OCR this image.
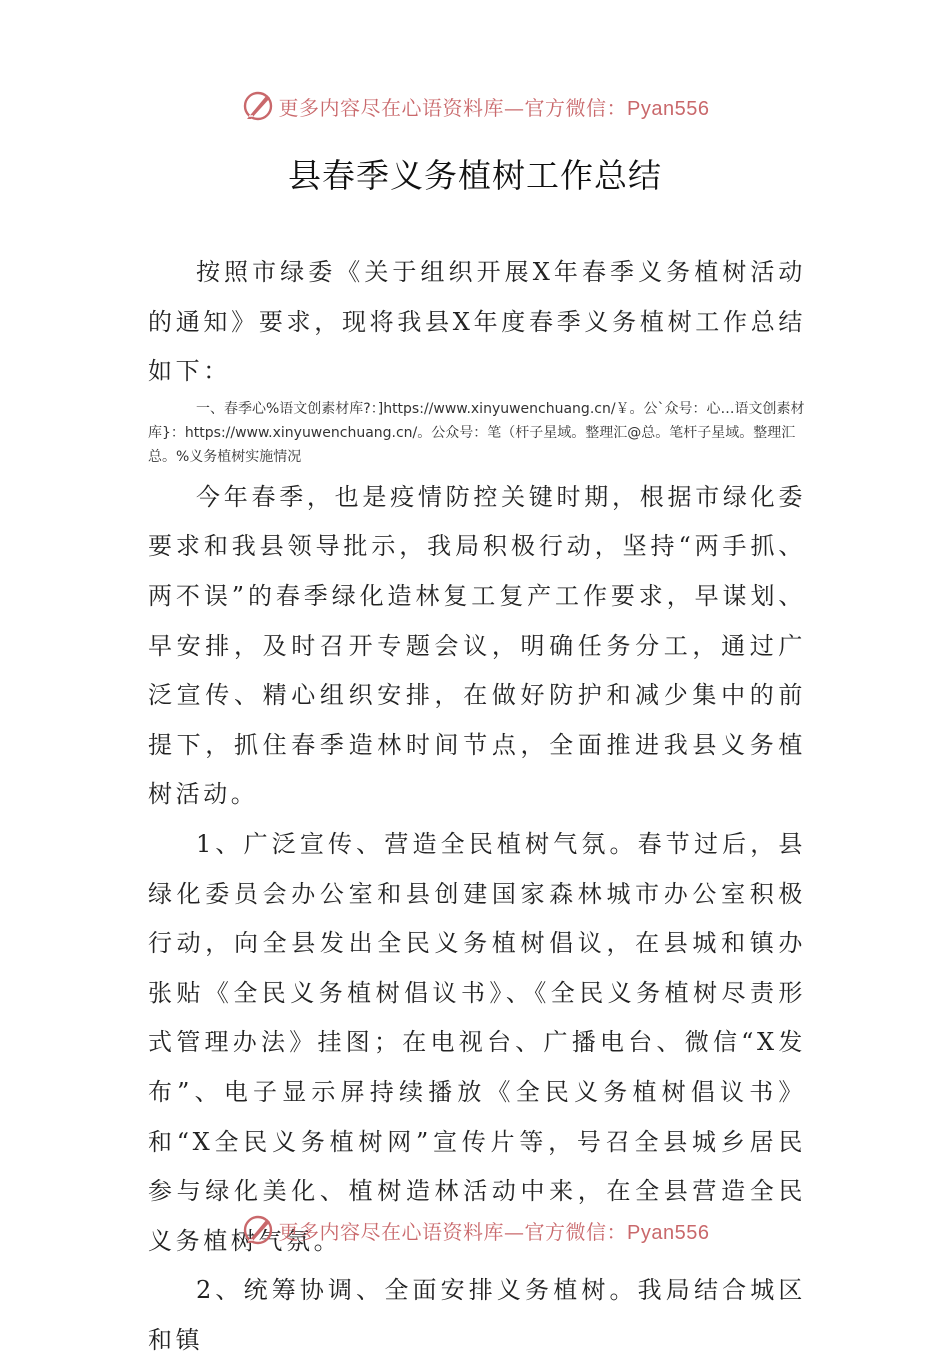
更多内容尽在心语资料库—官方微信：Pyan556
县春季义务植树工作总结

按照市绿委《关于组织开展X年春季义务植树活动的通知》要求，现将我县X年度春季义务植树工作总结如下：

一、春季心%语文创素材库?：]https://www.xinyuwenchuang.cn/￥。公`众号：心…语文创素材库}：https://www.xinyuwenchuang.cn/。公众号：笔（杆子星域。整理汇@总。笔杆子星域。整理汇总。%义务植树实施情况

今年春季，也是疫情防控关键时期，根据市绿化委要求和我县领导批示，我局积极行动，坚持“两手抓、两不误”的春季绿化造林复工复产工作要求，早谋划、早安排，及时召开专题会议，明确任务分工，通过广泛宣传、精心组织安排，在做好防护和减少集中的前提下，抓住春季造林时间节点，全面推进我县义务植树活动。

1、广泛宣传、营造全民植树气氛。春节过后，县绿化委员会办公室和县创建国家森林城市办公室积极行动，向全县发出全民义务植树倡议，在县城和镇办张贴《全民义务植树倡议书》、《全民义务植树尽责形式管理办法》挂图；在电视台、广播电台、微信“X发布”、电子显示屏持续播放《全民义务植树倡议书》和“X全民义务植树网”宣传片等，号召全县城乡居民参与绿化美化、植树造林活动中来，在全县营造全民义务植树气氛。

2、统筹协调、全面安排义务植树。我局结合城区和镇

更多内容尽在心语资料库—官方微信：Pyan556
